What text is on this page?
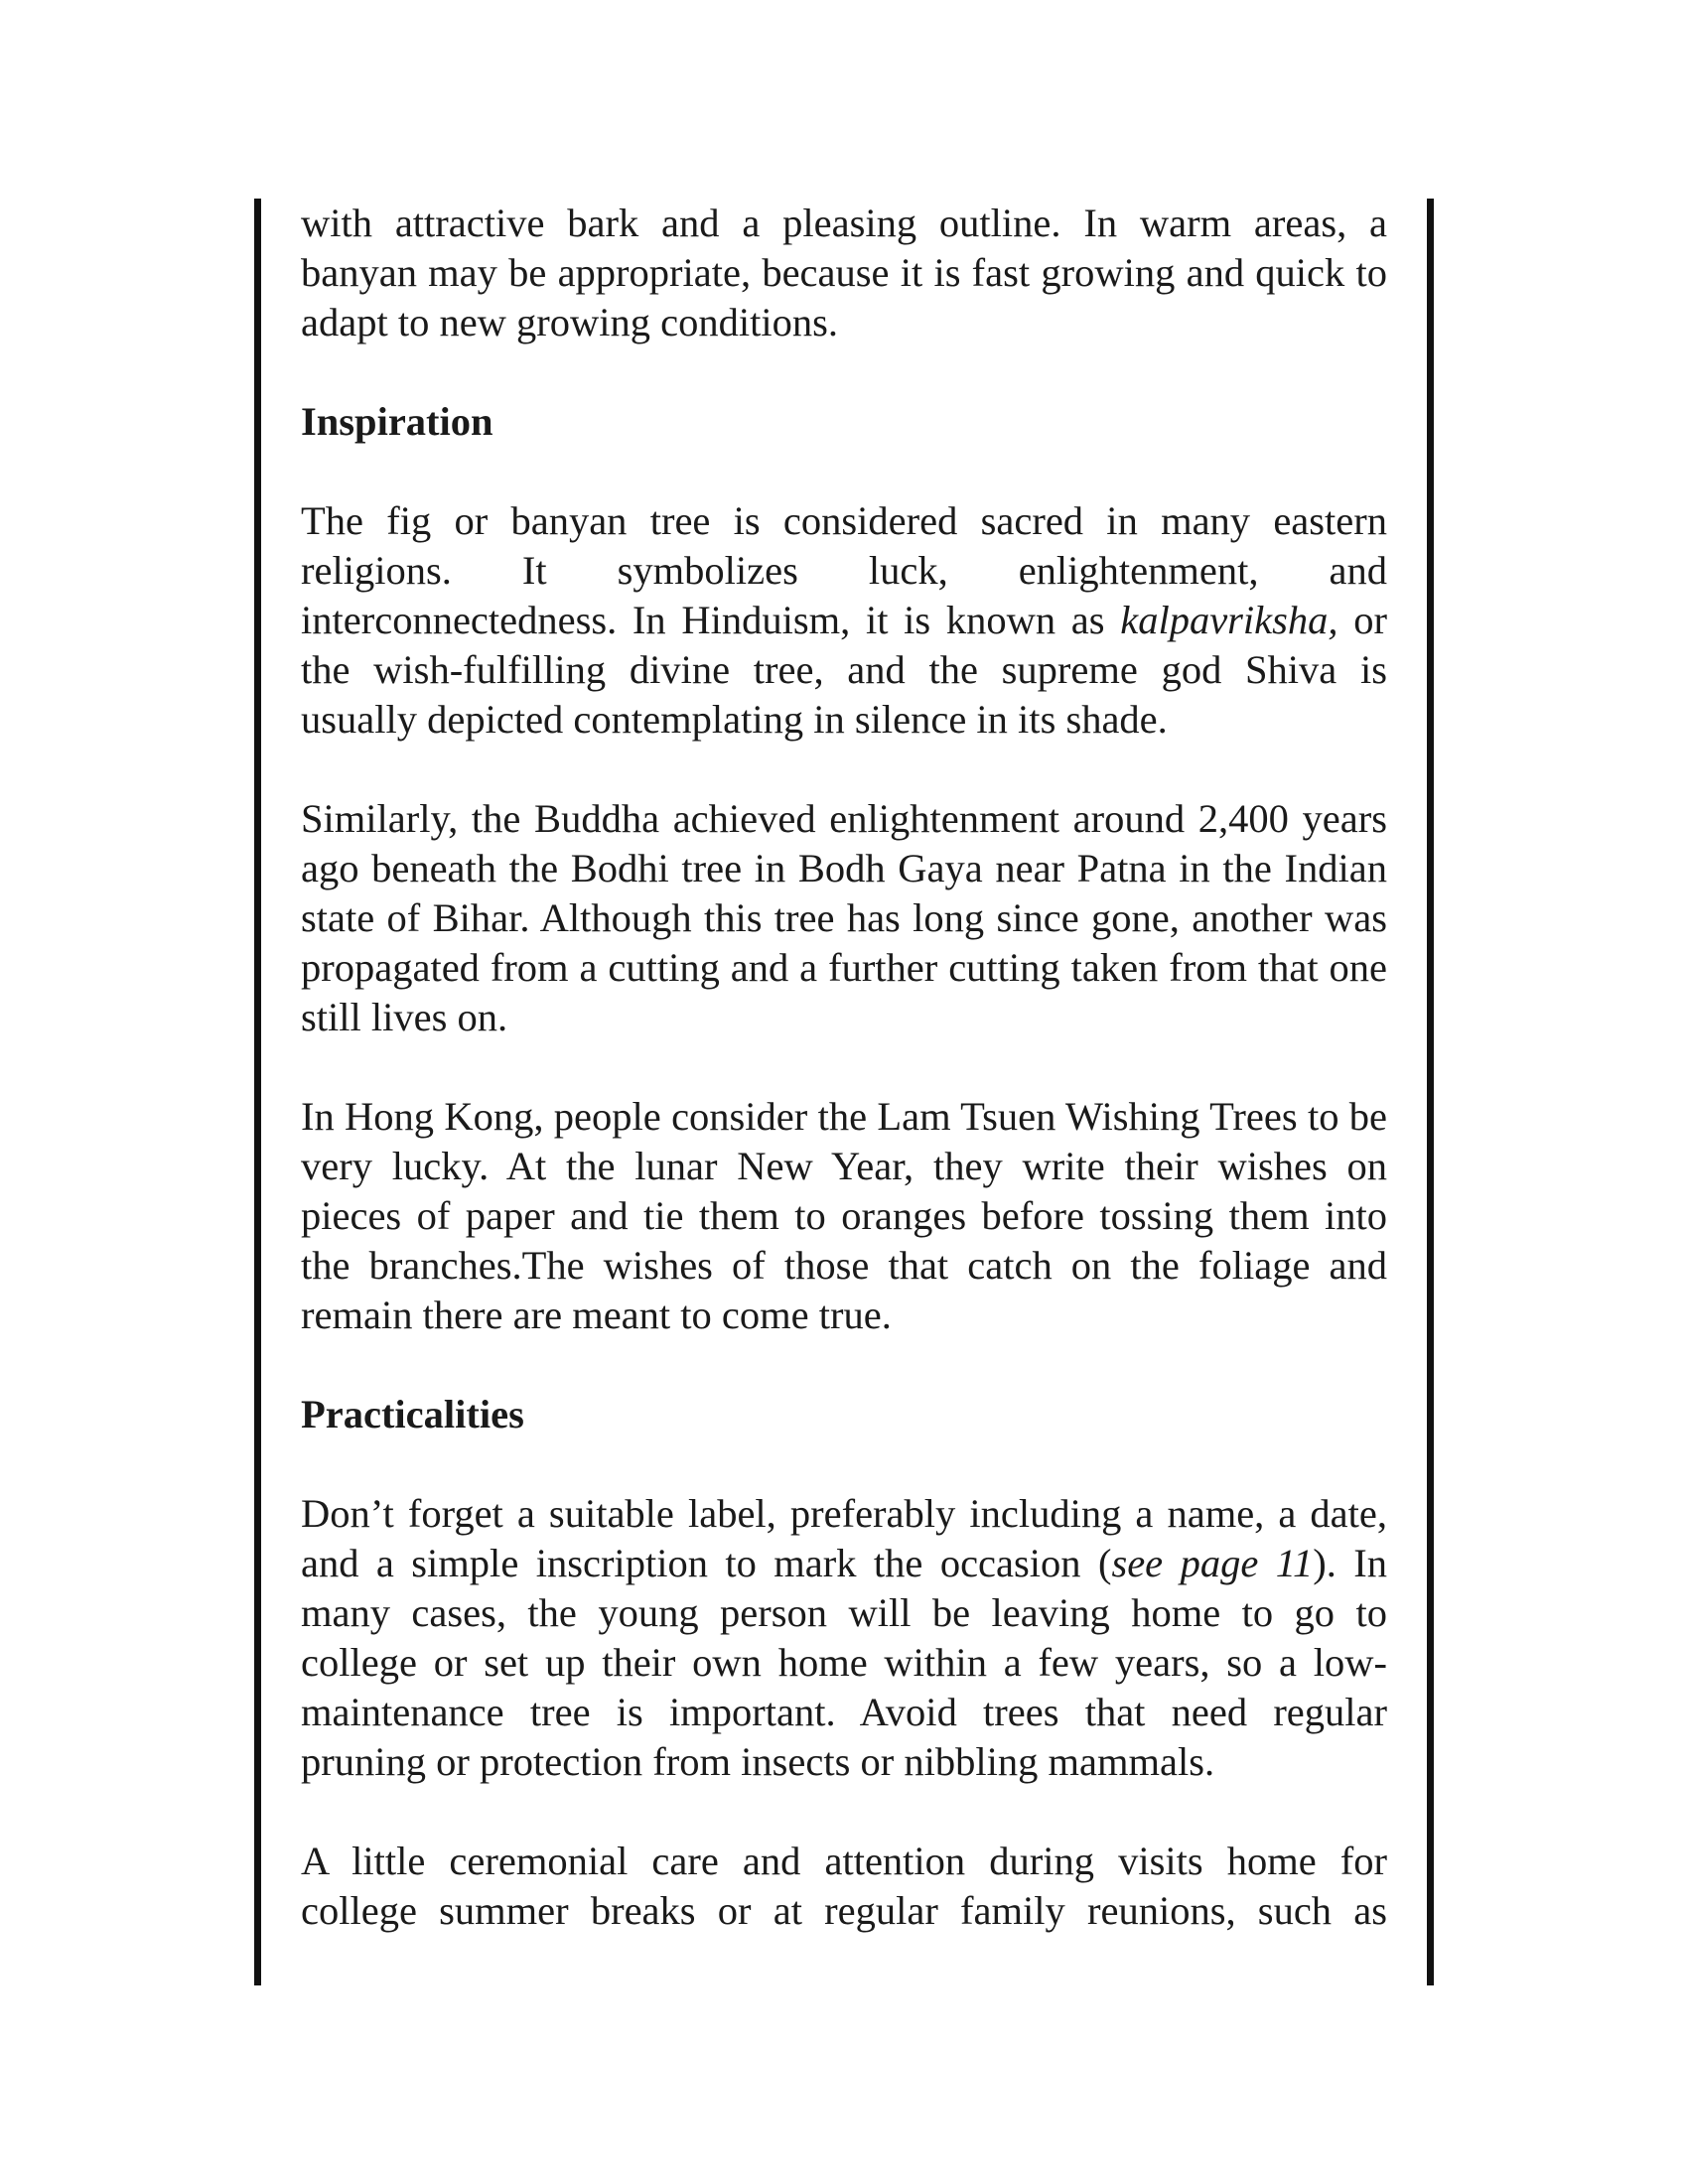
with attractive bark and a pleasing outline. In warm areas, a banyan may be appropriate, because it is fast growing and quick to adapt to new growing conditions.

Inspiration

The fig or banyan tree is considered sacred in many eastern religions. It symbolizes luck, enlightenment, and interconnectedness. In Hinduism, it is known as kalpavriksha, or the wish-fulfilling divine tree, and the supreme god Shiva is usually depicted contemplating in silence in its shade.

Similarly, the Buddha achieved enlightenment around 2,400 years ago beneath the Bodhi tree in Bodh Gaya near Patna in the Indian state of Bihar. Although this tree has long since gone, another was propagated from a cutting and a further cutting taken from that one still lives on.

In Hong Kong, people consider the Lam Tsuen Wishing Trees to be very lucky. At the lunar New Year, they write their wishes on pieces of paper and tie them to oranges before tossing them into the branches.The wishes of those that catch on the foliage and remain there are meant to come true.

Practicalities

Don’t forget a suitable label, preferably including a name, a date, and a simple inscription to mark the occasion (see page 11). In many cases, the young person will be leaving home to go to college or set up their own home within a few years, so a low-maintenance tree is important. Avoid trees that need regular pruning or protection from insects or nibbling mammals.

A little ceremonial care and attention during visits home for college summer breaks or at regular family reunions, such as
